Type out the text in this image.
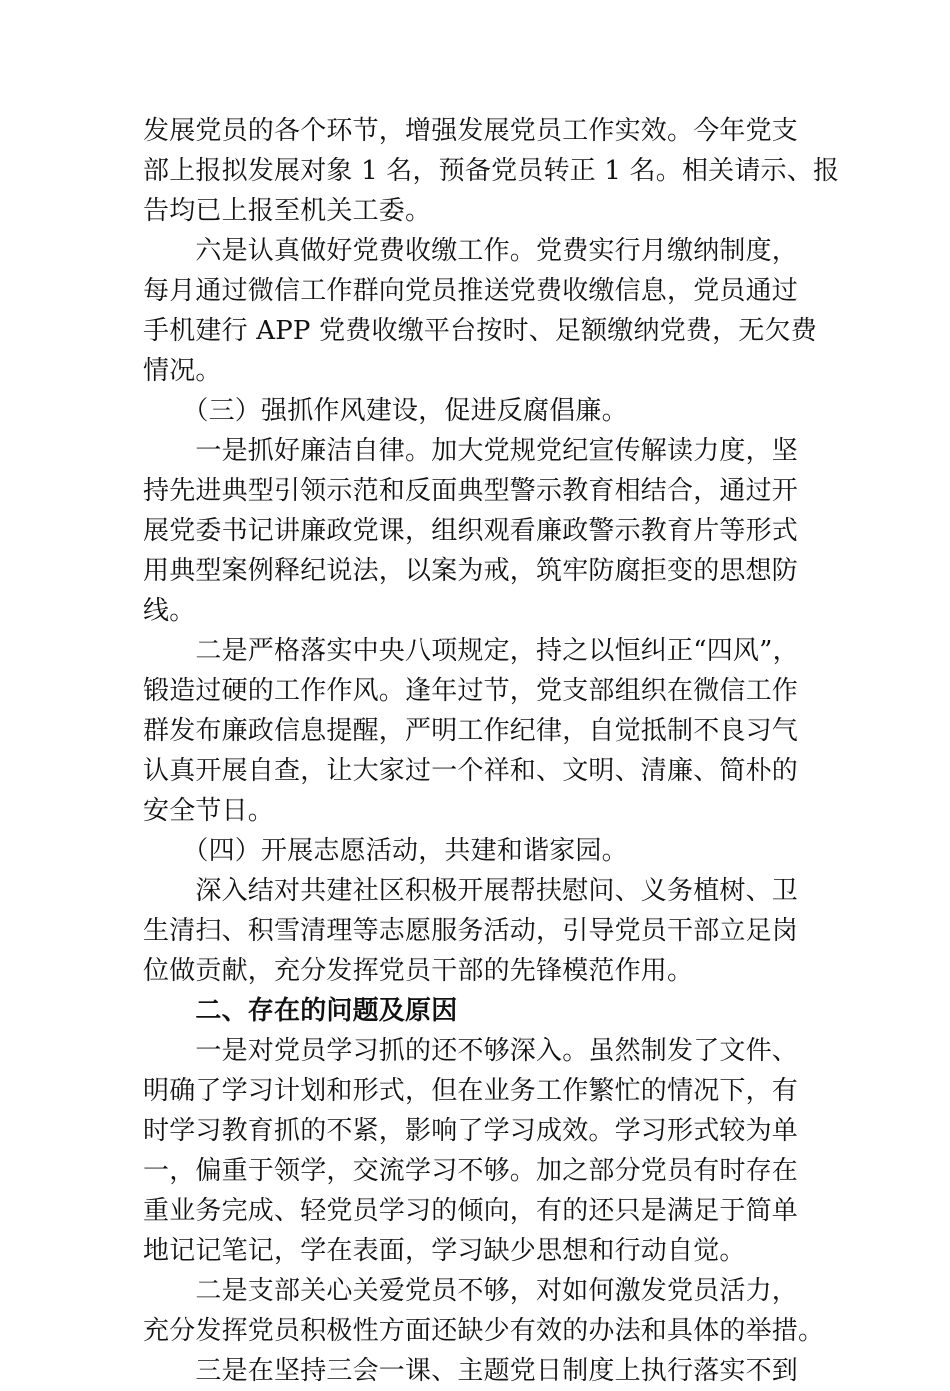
发展党员的各个环节，增强发展党员工作实效。今年党支
部上报拟发展对象 1 名，预备党员转正 1 名。相关请示、报
告均已上报至机关工委。
　　六是认真做好党费收缴工作。党费实行月缴纳制度，
每月通过微信工作群向党员推送党费收缴信息，党员通过
手机建行 APP 党费收缴平台按时、足额缴纳党费，无欠费
情况。
　　（三）强抓作风建设，促进反腐倡廉。
　　一是抓好廉洁自律。加大党规党纪宣传解读力度，坚
持先进典型引领示范和反面典型警示教育相结合，通过开
展党委书记讲廉政党课，组织观看廉政警示教育片等形式
用典型案例释纪说法，以案为戒，筑牢防腐拒变的思想防
线。
　　二是严格落实中央八项规定，持之以恒纠正“四风”，
锻造过硬的工作作风。逢年过节，党支部组织在微信工作
群发布廉政信息提醒，严明工作纪律，自觉抵制不良习气
认真开展自查，让大家过一个祥和、文明、清廉、简朴的
安全节日。
　　（四）开展志愿活动，共建和谐家园。
　　深入结对共建社区积极开展帮扶慰问、义务植树、卫
生清扫、积雪清理等志愿服务活动，引导党员干部立足岗
位做贡献，充分发挥党员干部的先锋模范作用。
　　二、存在的问题及原因
　　一是对党员学习抓的还不够深入。虽然制发了文件、
明确了学习计划和形式，但在业务工作繁忙的情况下，有
时学习教育抓的不紧，影响了学习成效。学习形式较为单
一，偏重于领学，交流学习不够。加之部分党员有时存在
重业务完成、轻党员学习的倾向，有的还只是满足于简单
地记记笔记，学在表面，学习缺少思想和行动自觉。
　　二是支部关心关爱党员不够，对如何激发党员活力，
充分发挥党员积极性方面还缺少有效的办法和具体的举措。
　　三是在坚持三会一课、主题党日制度上执行落实不到
